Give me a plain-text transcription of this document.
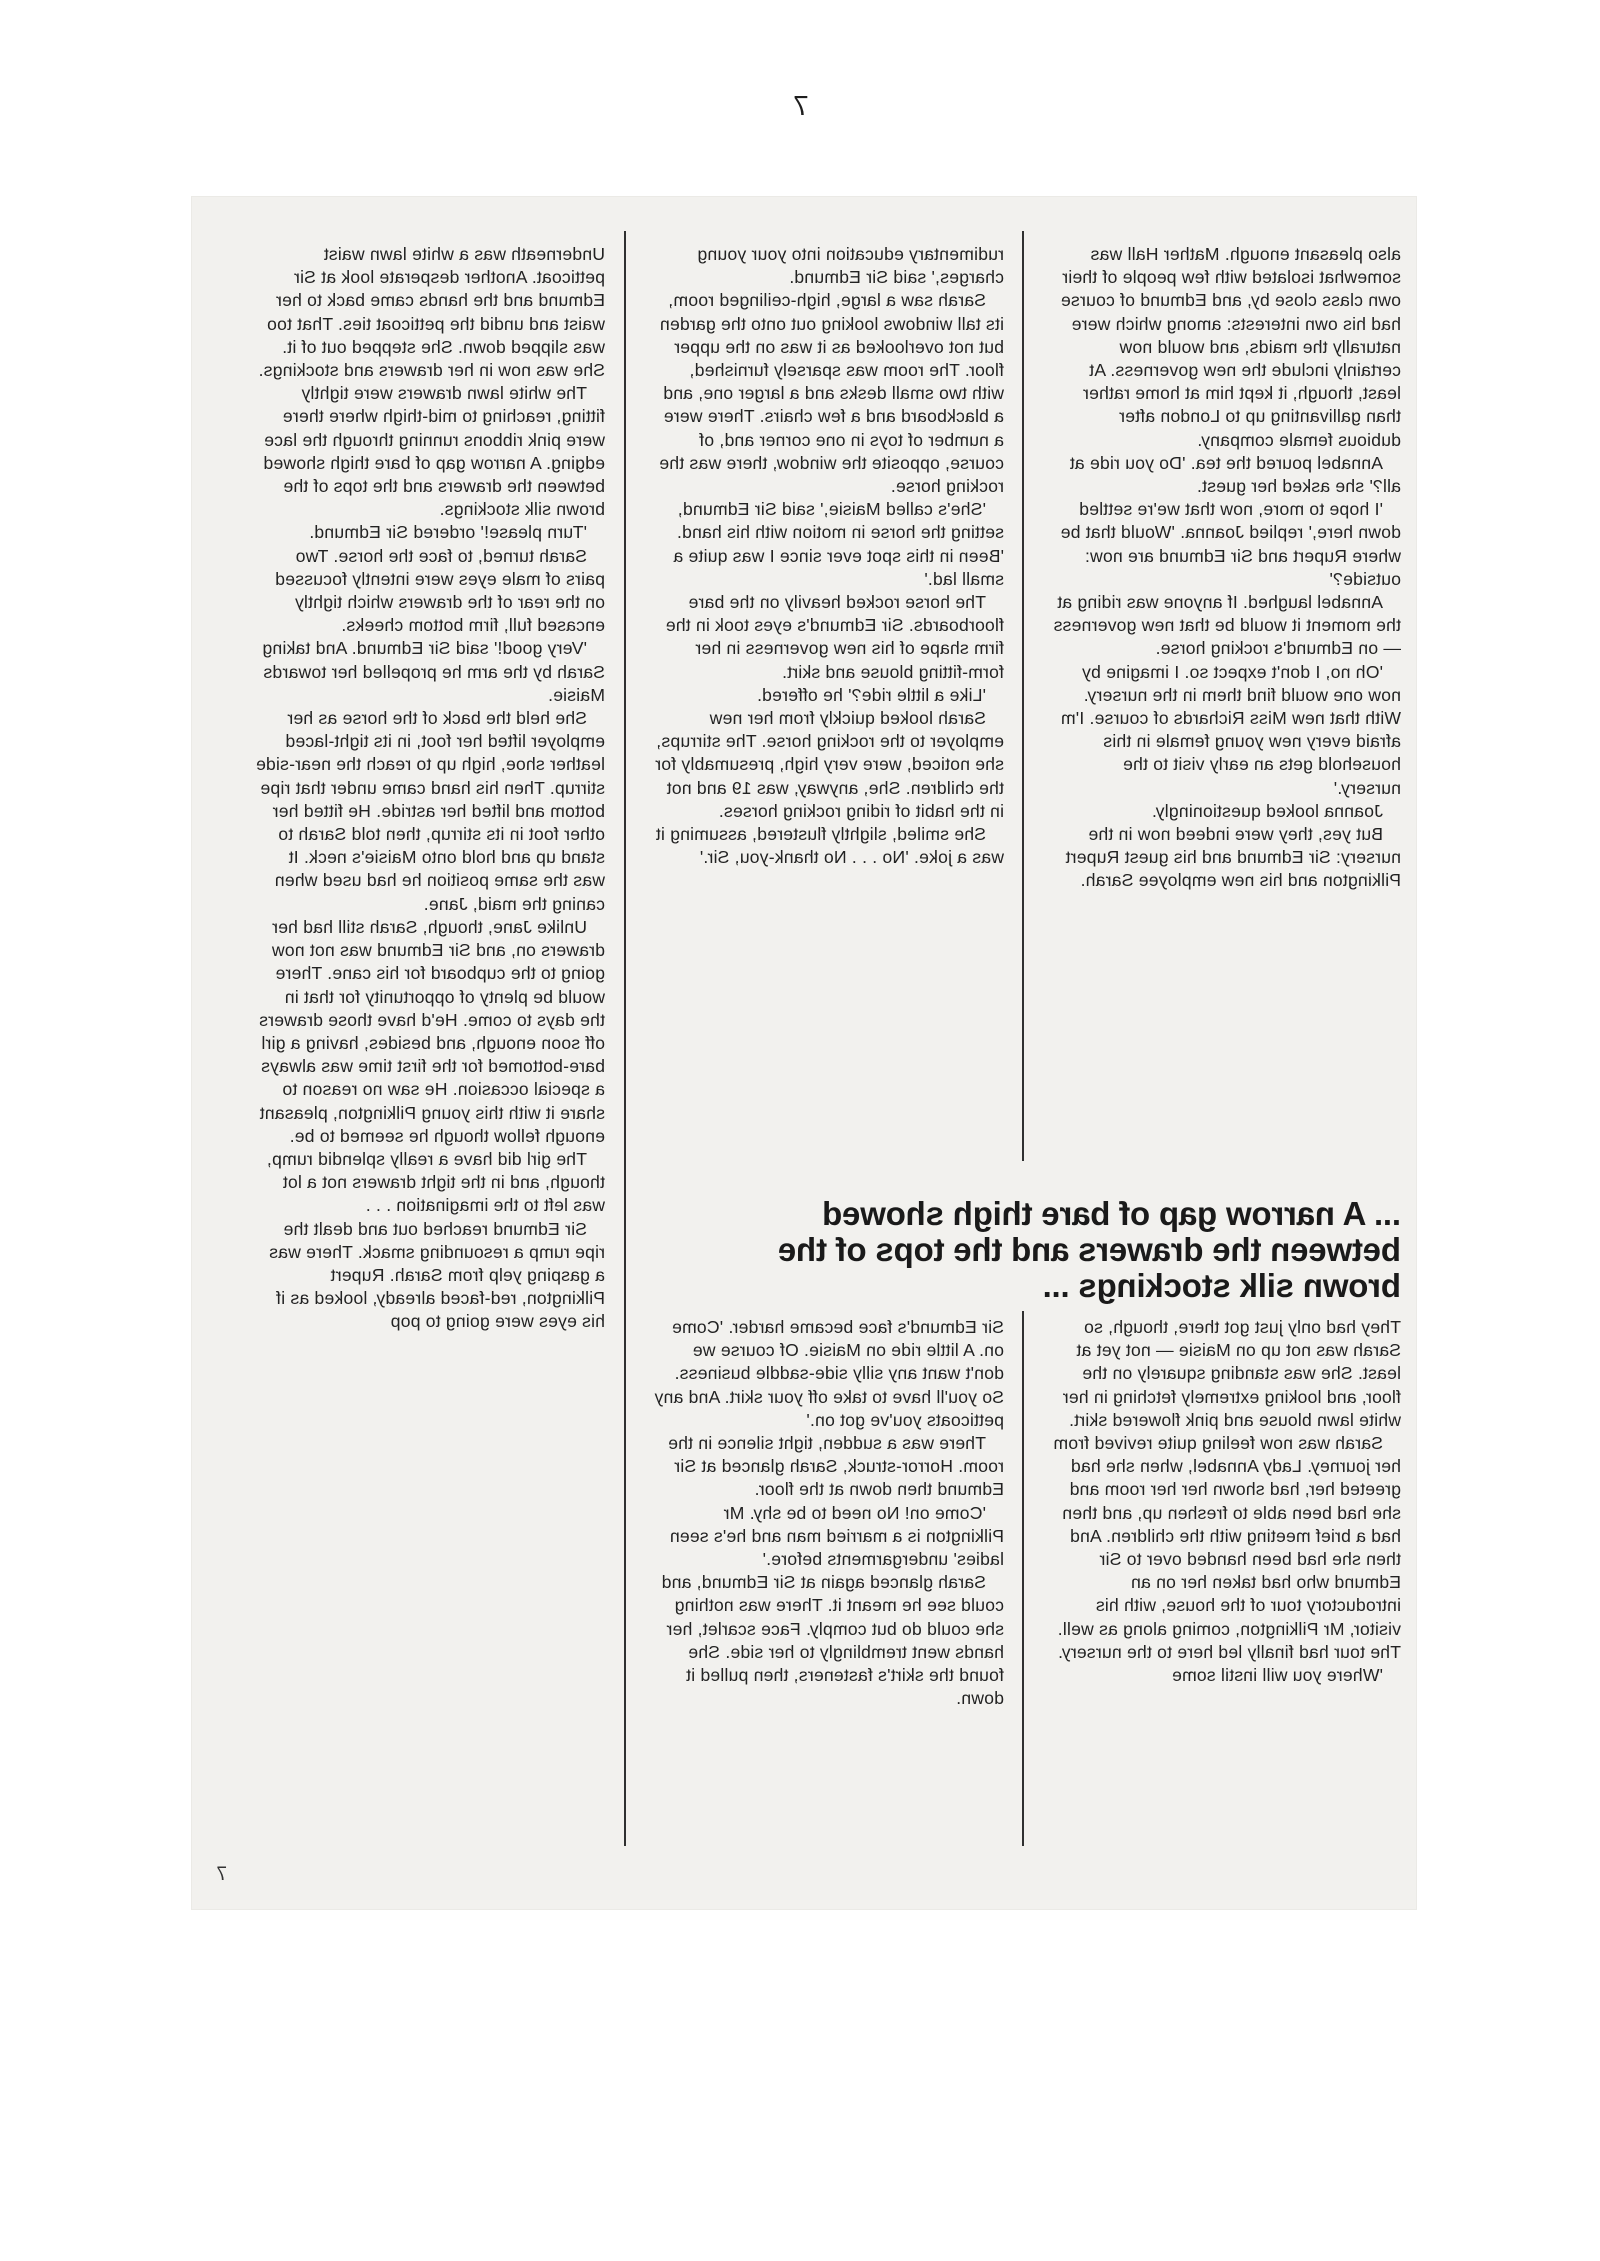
7

also pleasant enough. Mather Hall was somewhat isolated with few people of their own class close by, and Edmund of course had his own interests: among which were naturally the maids, and would now certainly include the new governess. At least, though, it kept him at home rather than gallivanting up to London after dubious female company.

Annabel poured the tea. 'Do you ride at all?' she asked her guest.

'I hope to more, now that we're settled down here,' replied Joanna. 'Would that be where Rupert and Sir Edmund are now: outside?'

Annabel laughed. If anyone was riding at the moment it would be that new governess — on Edmund's rocking horse.

'Oh no, I don't expect so. I imagine by now one would find them in the nursery. With that new Miss Richards of course. I'm afraid every new young female in this household gets an early visit to the nursery.'

Joanna looked questioningly.

But yes, they were indeed now in the nursery: Sir Edmund and his guest Rupert Pilkington and his new employee Sarah.

rudimentary education into your young charges,' said Sir Edmund.

Sarah saw a large, high-ceilinged room, its tall windows looking out onto the garden but not overlooked as it was on the upper floor. The room was sparsely furnished, with two small desks and a larger one, and a blackboard and a few chairs. There were a number of toys in one corner and, of course, opposite the window, there was the rocking horse.

'She's called Maisie,' said Sir Edmund, setting the horse in motion with his hand. 'Been in this spot ever since I was quite a small lad.'

The horse rocked heavily on the bare floorboards. Sir Edmund's eyes took in the firm shape of his new governess in her form-fitting blouse and skirt.

'Like a little ride?' he offered.

Sarah looked quickly from her new employer to the rocking horse. The stirrups, she noticed, were very high, presumably for the children. She, anyway, was 19 and not in the habit of riding rocking horses.

She smiled, slightly flustered, assuming it was a joke. 'No . . . No thank-you, Sir.'

Underneath was a white lawn waist petticoat. Another desperate look at Sir Edmund and the hands came back to her waist and undid the petticoat ties. That too was slipped down. She stepped out of it. She was now in her drawers and stockings.

The white lawn drawers were tightly fitting, reaching to mid-thigh where there were pink ribbons running through the lace edging. A narrow gap of bare thigh showed between the drawers and the tops of the brown silk stockings.

'Turn please!' ordered Sir Edmund.

Sarah turned, to face the horse. Two pairs of male eyes were intently focussed on the rear of the drawers which tightly encased full, firm bottom cheeks.

'Very good!' said Sir Edmund. And taking Sarah by the arm he propelled her towards Maisie.

She held the back of the horse as her employer lifted her foot, in its tight-laced leather shoe, high up to reach the near-side stirrup. Then his hand came under that ripe bottom and lifted her astride. He fitted her other foot in its stirrup, then told Sarah to stand up and hold onto Maisie's neck. It was the same position he had used when caning the maid, Jane.

Unlike Jane, though, Sarah still had her drawers on, and Sir Edmund was not now going to the cupboard for his cane. There would be plenty of opportunity for that in the days to come. He'd have those drawers off soon enough, and besides, having a girl bare-bottomed for the first time was always a special occasion. He saw no reason to share it with this young Pilkington, pleasant enough fellow though he seemed to be.

The girl did have a really splendid rump, though, and in the tight drawers not a lot was left to the imagination . . .

Sir Edmund reached out and dealt the ripe rump a resounding smack. There was a gasping yelp from Sarah. Rupert Pilkington, red-faced already, looked as if his eyes were going to pop

... A narrow gap of bare thigh showed between the drawers and the tops of the brown silk stockings ...

They had only just got there, though, so Sarah was not up on Maisie — not yet at least. She was standing squarely on the floor, and looking extremely fetching in her white lawn blouse and pink flowered skirt.

Sarah was now feeling quite revived from her journey. Lady Annabel, when she had greeted her, had shown her her room and she had been able to freshen up, and then had a brief meeting with the children. And then she had been handed over to Sir Edmund who had taken her on an introductory tour of the house, with his visitor, Mr Pilkington, coming along as well. The tour had finally led here to the nursery.

'Where you will instil some

Sir Edmund's face became harder. 'Come on. A little ride on Maisie. Of course we don't want any silly side-saddle business. So you'll have to take off your skirt. And any petticoats you've got on.'

There was a sudden, tight silence in the room. Horror-struck, Sarah glanced at Sir Edmund then down at the floor.

'Come on! No need to be shy. Mr Pilkington is a married man and he's seen ladies' undergarments before.'

Sarah glanced again at Sir Edmund, and could see he meant it. There was nothing she could do but comply. Face scarlet, her hands went tremblingly to her side. She found the skirt's fasteners, then pulled it down.

7
